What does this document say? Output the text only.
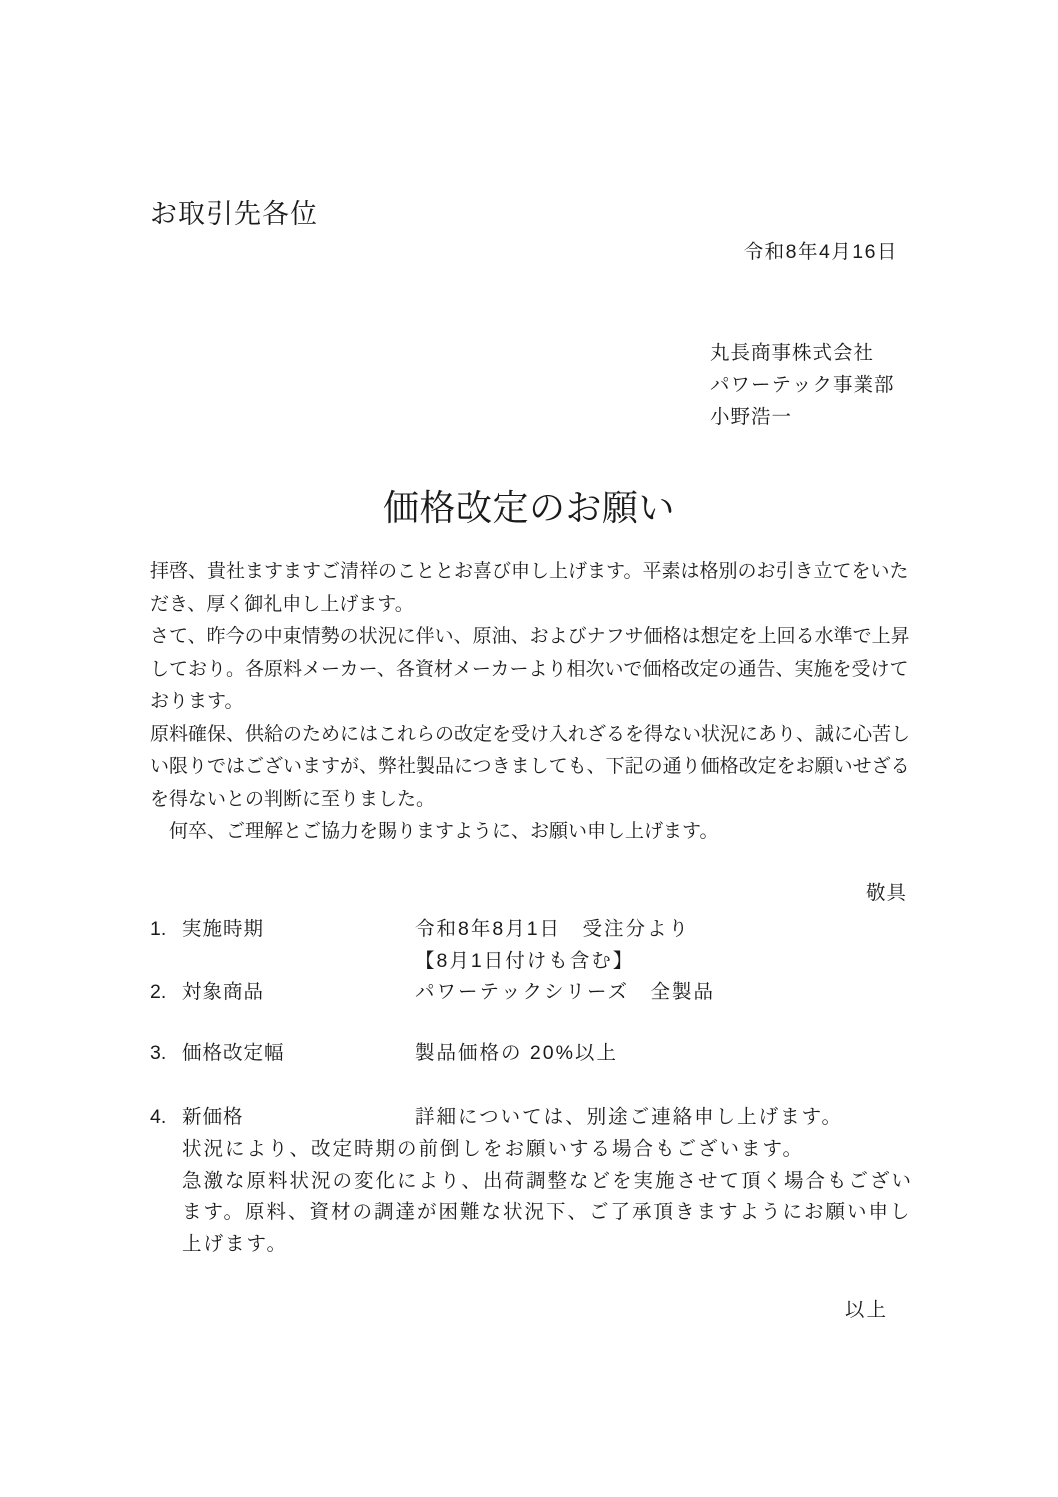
お取引先各位
令和8年4月16日
丸長商事株式会社
パワーテック事業部
小野浩一
価格改定のお願い

拝啓、貴社ますますご清祥のこととお喜び申し上げます。平素は格別のお引き立てをいた

だき、厚く御礼申し上げます。

さて、昨今の中東情勢の状況に伴い、原油、およびナフサ価格は想定を上回る水準で上昇

しており。各原料メーカー、各資材メーカーより相次いで価格改定の通告、実施を受けて

おります。

原料確保、供給のためにはこれらの改定を受け入れざるを得ない状況にあり、誠に心苦し

い限りではございますが、弊社製品につきましても、下記の通り価格改定をお願いせざる

を得ないとの判断に至りました。

　何卒、ご理解とご協力を賜りますように、お願い申し上げます。

敬具
1. 実施時期	令和8年8月1日　受注分より
【8月1日付けも含む】
2. 対象商品	パワーテックシリーズ　全製品
3. 価格改定幅	製品価格の 20%以上
4. 新価格	詳細については、別途ご連絡申し上げます。

状況により、改定時期の前倒しをお願いする場合もございます。

急激な原料状況の変化により、出荷調整などを実施させて頂く場合もござい

ます。原料、資材の調達が困難な状況下、ご了承頂きますようにお願い申し

上げます。

以上
